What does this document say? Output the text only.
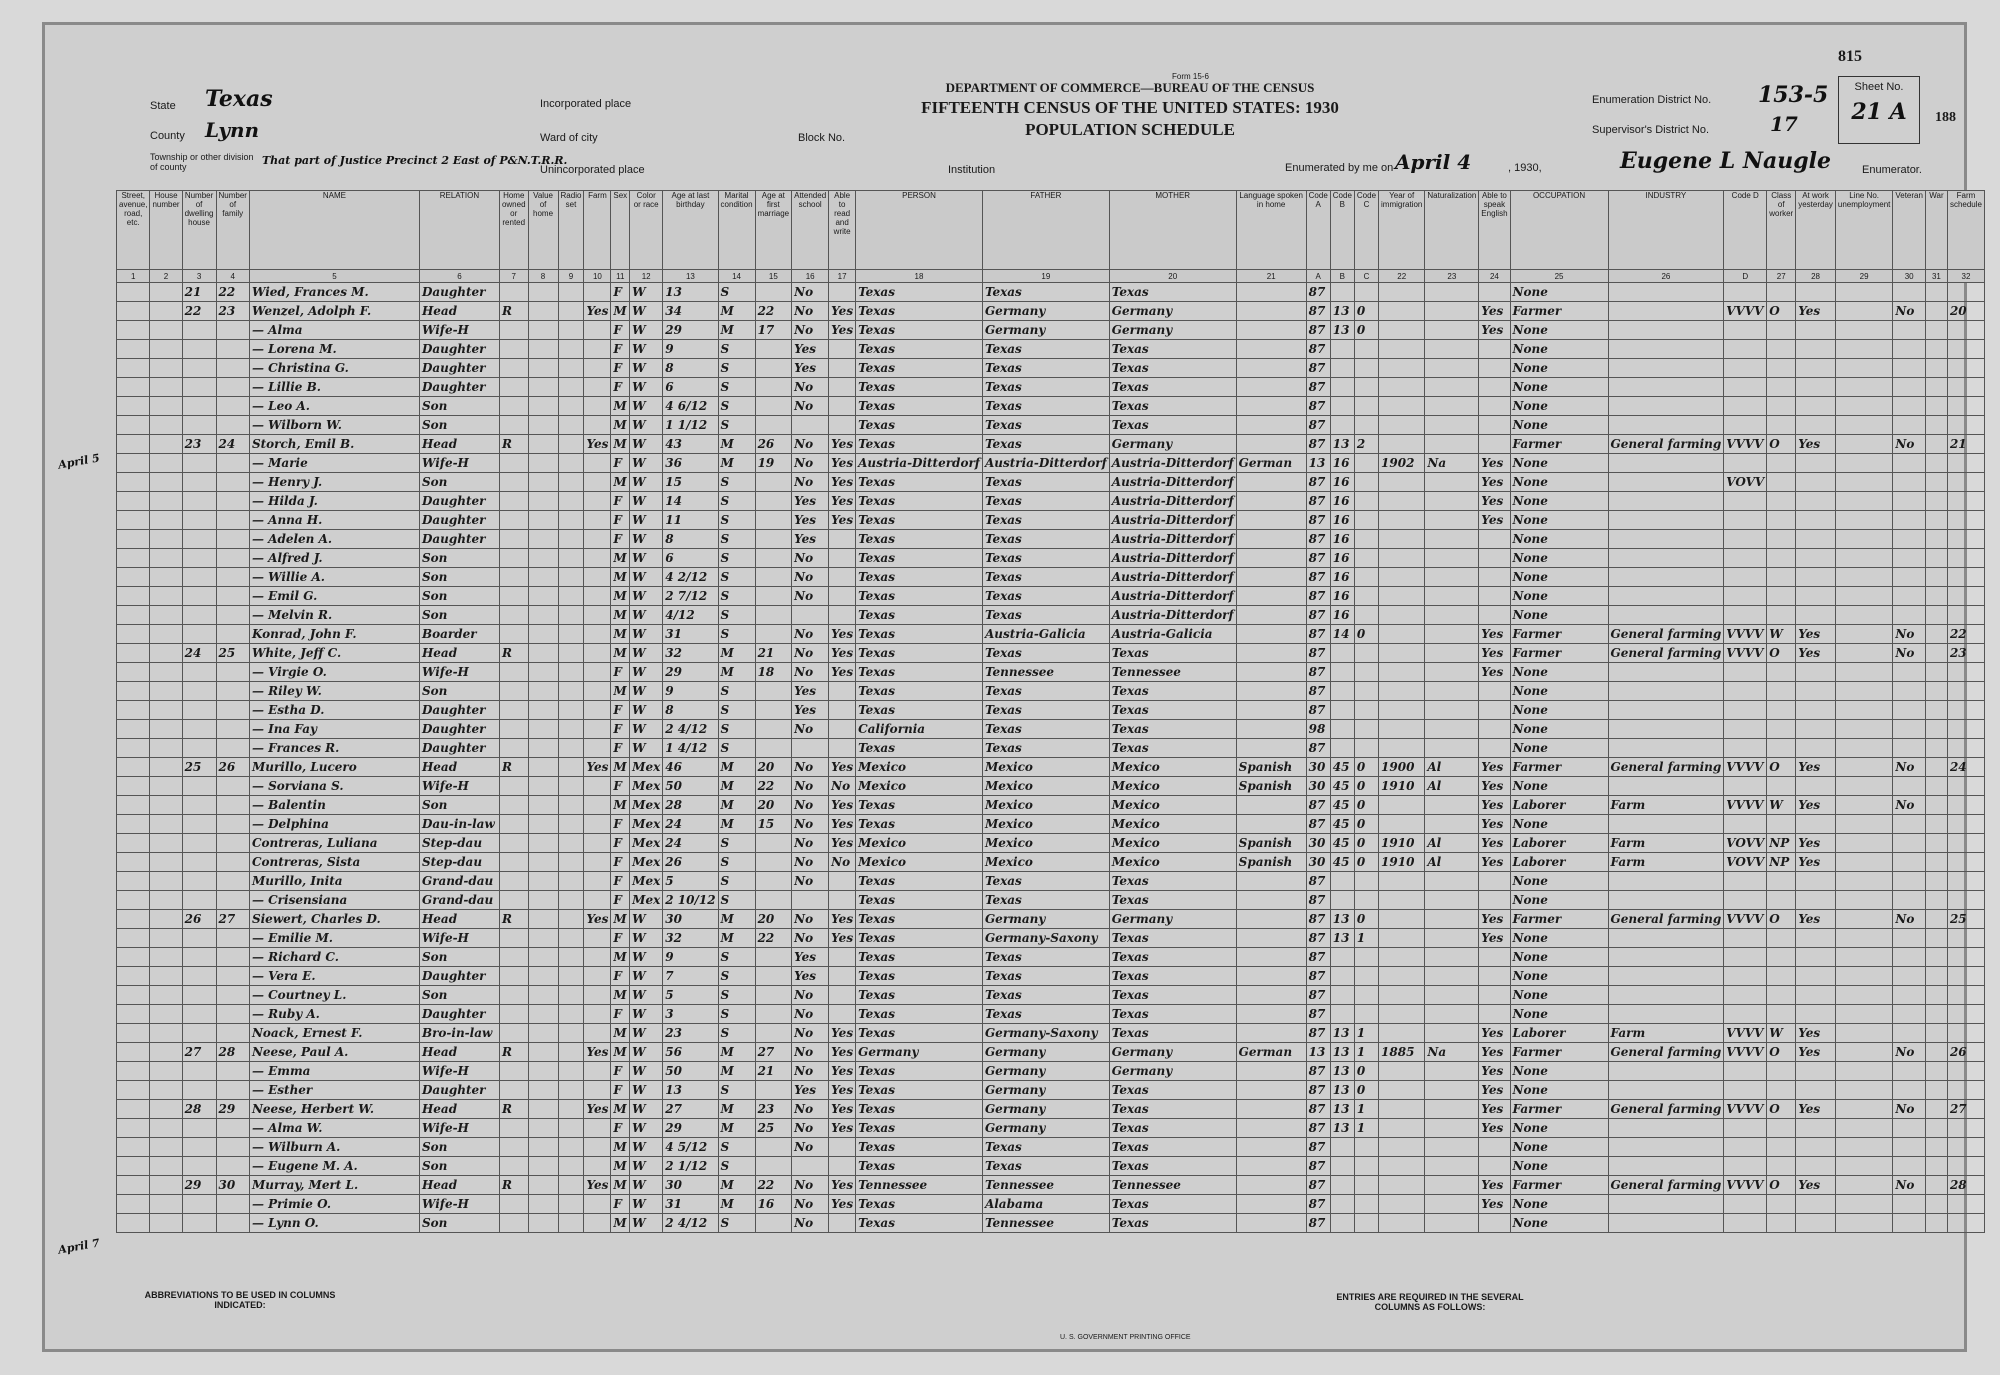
815
188
Form 15-6
DEPARTMENT OF COMMERCE—BUREAU OF THE CENSUS
FIFTEENTH CENSUS OF THE UNITED STATES: 1930
POPULATION SCHEDULE
State Texas
County Lynn
Township or other division of county	That part of Justice Precinct 2 East of P&N.T.R.R.
Incorporated place
Ward of city	Block No.
Unincorporated place	Institution
Enumeration District No. 153-5
Supervisor's District No.	17
Sheet No.
21 A
Enumerated by me on April 4	, 1930,	Eugene L Naugle	Enumerator.
April 5
April 7
Street, avenue, road, etc.	House number	Number of dwelling house	Number of family	NAME	RELATION	Home owned or rented	Value of home	Radio set	Farm	Sex	Color or race	Age at last birthday	Marital condition	Age at first marriage	Attended school	Able to read and write	PERSON	FATHER	MOTHER	Language spoken in home	Code A	Code B	Code C	Year of immigration	Naturalization	Able to speak English	OCCUPATION	INDUSTRY	Code D	Class of worker	At work yesterday	Line No. unemployment	Veteran	War	Farm schedule
1	2	3	4	5	6	7	8	9	10	11	12	13	14	15	16	17	18	19	20	21	A	B	C	22	23	24	25	26	D	27	28	29	30	31	32
		21	22	Wied, Frances M.	Daughter					F	W	13	S		No		Texas	Texas	Texas		87						None								
		22	23	Wenzel, Adolph F.	Head	R			Yes	M	W	34	M	22	No	Yes	Texas	Germany	Germany		87	13	0			Yes	Farmer		VVVV	O	Yes		No		20
				— Alma	Wife-H					F	W	29	M	17	No	Yes	Texas	Germany	Germany		87	13	0			Yes	None								
				— Lorena M.	Daughter					F	W	9	S		Yes		Texas	Texas	Texas		87						None								
				— Christina G.	Daughter					F	W	8	S		Yes		Texas	Texas	Texas		87						None								
				— Lillie B.	Daughter					F	W	6	S		No		Texas	Texas	Texas		87						None								
				— Leo A.	Son					M	W	4 6/12	S		No		Texas	Texas	Texas		87						None								
				— Wilborn W.	Son					M	W	1 1/12	S				Texas	Texas	Texas		87						None								
		23	24	Storch, Emil B.	Head	R			Yes	M	W	43	M	26	No	Yes	Texas	Texas	Germany		87	13	2				Farmer	General farming	VVVV	O	Yes		No		21
				— Marie	Wife-H					F	W	36	M	19	No	Yes	Austria-Ditterdorf	Austria-Ditterdorf	Austria-Ditterdorf	German	13	16		1902	Na	Yes	None								
				— Henry J.	Son					M	W	15	S		No	Yes	Texas	Texas	Austria-Ditterdorf		87	16				Yes	None		VOVV						
				— Hilda J.	Daughter					F	W	14	S		Yes	Yes	Texas	Texas	Austria-Ditterdorf		87	16				Yes	None								
				— Anna H.	Daughter					F	W	11	S		Yes	Yes	Texas	Texas	Austria-Ditterdorf		87	16				Yes	None								
				— Adelen A.	Daughter					F	W	8	S		Yes		Texas	Texas	Austria-Ditterdorf		87	16					None								
				— Alfred J.	Son					M	W	6	S		No		Texas	Texas	Austria-Ditterdorf		87	16					None								
				— Willie A.	Son					M	W	4 2/12	S		No		Texas	Texas	Austria-Ditterdorf		87	16					None								
				— Emil G.	Son					M	W	2 7/12	S		No		Texas	Texas	Austria-Ditterdorf		87	16					None								
				— Melvin R.	Son					M	W	4/12	S				Texas	Texas	Austria-Ditterdorf		87	16					None								
				Konrad, John F.	Boarder					M	W	31	S		No	Yes	Texas	Austria-Galicia	Austria-Galicia		87	14	0			Yes	Farmer	General farming	VVVV	W	Yes		No		22
		24	25	White, Jeff C.	Head	R				M	W	32	M	21	No	Yes	Texas	Texas	Texas		87					Yes	Farmer	General farming	VVVV	O	Yes		No		23
				— Virgie O.	Wife-H					F	W	29	M	18	No	Yes	Texas	Tennessee	Tennessee		87					Yes	None								
				— Riley W.	Son					M	W	9	S		Yes		Texas	Texas	Texas		87						None								
				— Estha D.	Daughter					F	W	8	S		Yes		Texas	Texas	Texas		87						None								
				— Ina Fay	Daughter					F	W	2 4/12	S		No		California	Texas	Texas		98						None								
				— Frances R.	Daughter					F	W	1 4/12	S				Texas	Texas	Texas		87						None								
		25	26	Murillo, Lucero	Head	R			Yes	M	Mex	46	M	20	No	Yes	Mexico	Mexico	Mexico	Spanish	30	45	0	1900	Al	Yes	Farmer	General farming	VVVV	O	Yes		No		24
				— Sorviana S.	Wife-H					F	Mex	50	M	22	No	No	Mexico	Mexico	Mexico	Spanish	30	45	0	1910	Al	Yes	None								
				— Balentin	Son					M	Mex	28	M	20	No	Yes	Texas	Mexico	Mexico		87	45	0			Yes	Laborer	Farm	VVVV	W	Yes		No		
				— Delphina	Dau-in-law					F	Mex	24	M	15	No	Yes	Texas	Mexico	Mexico		87	45	0			Yes	None								
				Contreras, Luliana	Step-dau					F	Mex	24	S		No	Yes	Mexico	Mexico	Mexico	Spanish	30	45	0	1910	Al	Yes	Laborer	Farm	VOVV	NP	Yes				
				Contreras, Sista	Step-dau					F	Mex	26	S		No	No	Mexico	Mexico	Mexico	Spanish	30	45	0	1910	Al	Yes	Laborer	Farm	VOVV	NP	Yes				
				Murillo, Inita	Grand-dau					F	Mex	5	S		No		Texas	Texas	Texas		87						None								
				— Crisensiana	Grand-dau					F	Mex	2 10/12	S				Texas	Texas	Texas		87						None								
		26	27	Siewert, Charles D.	Head	R			Yes	M	W	30	M	20	No	Yes	Texas	Germany	Germany		87	13	0			Yes	Farmer	General farming	VVVV	O	Yes		No		25
				— Emilie M.	Wife-H					F	W	32	M	22	No	Yes	Texas	Germany-Saxony	Texas		87	13	1			Yes	None								
				— Richard C.	Son					M	W	9	S		Yes		Texas	Texas	Texas		87						None								
				— Vera E.	Daughter					F	W	7	S		Yes		Texas	Texas	Texas		87						None								
				— Courtney L.	Son					M	W	5	S		No		Texas	Texas	Texas		87						None								
				— Ruby A.	Daughter					F	W	3	S		No		Texas	Texas	Texas		87						None								
				Noack, Ernest F.	Bro-in-law					M	W	23	S		No	Yes	Texas	Germany-Saxony	Texas		87	13	1			Yes	Laborer	Farm	VVVV	W	Yes				
		27	28	Neese, Paul A.	Head	R			Yes	M	W	56	M	27	No	Yes	Germany	Germany	Germany	German	13	13	1	1885	Na	Yes	Farmer	General farming	VVVV	O	Yes		No		26
				— Emma	Wife-H					F	W	50	M	21	No	Yes	Texas	Germany	Germany		87	13	0			Yes	None								
				— Esther	Daughter					F	W	13	S		Yes	Yes	Texas	Germany	Texas		87	13	0			Yes	None								
		28	29	Neese, Herbert W.	Head	R			Yes	M	W	27	M	23	No	Yes	Texas	Germany	Texas		87	13	1			Yes	Farmer	General farming	VVVV	O	Yes		No		27
				— Alma W.	Wife-H					F	W	29	M	25	No	Yes	Texas	Germany	Texas		87	13	1			Yes	None								
				— Wilburn A.	Son					M	W	4 5/12	S		No		Texas	Texas	Texas		87						None								
				— Eugene M. A.	Son					M	W	2 1/12	S				Texas	Texas	Texas		87						None								
		29	30	Murray, Mert L.	Head	R			Yes	M	W	30	M	22	No	Yes	Tennessee	Tennessee	Tennessee		87					Yes	Farmer	General farming	VVVV	O	Yes		No		28
				— Primie O.	Wife-H					F	W	31	M	16	No	Yes	Texas	Alabama	Texas		87					Yes	None								
				— Lynn O.	Son					M	W	2 4/12	S		No		Texas	Tennessee	Texas		87						None								
ABBREVIATIONS TO BE USED IN COLUMNS INDICATED:
ENTRIES ARE REQUIRED IN THE SEVERAL COLUMNS AS FOLLOWS:
U. S. GOVERNMENT PRINTING OFFICE
